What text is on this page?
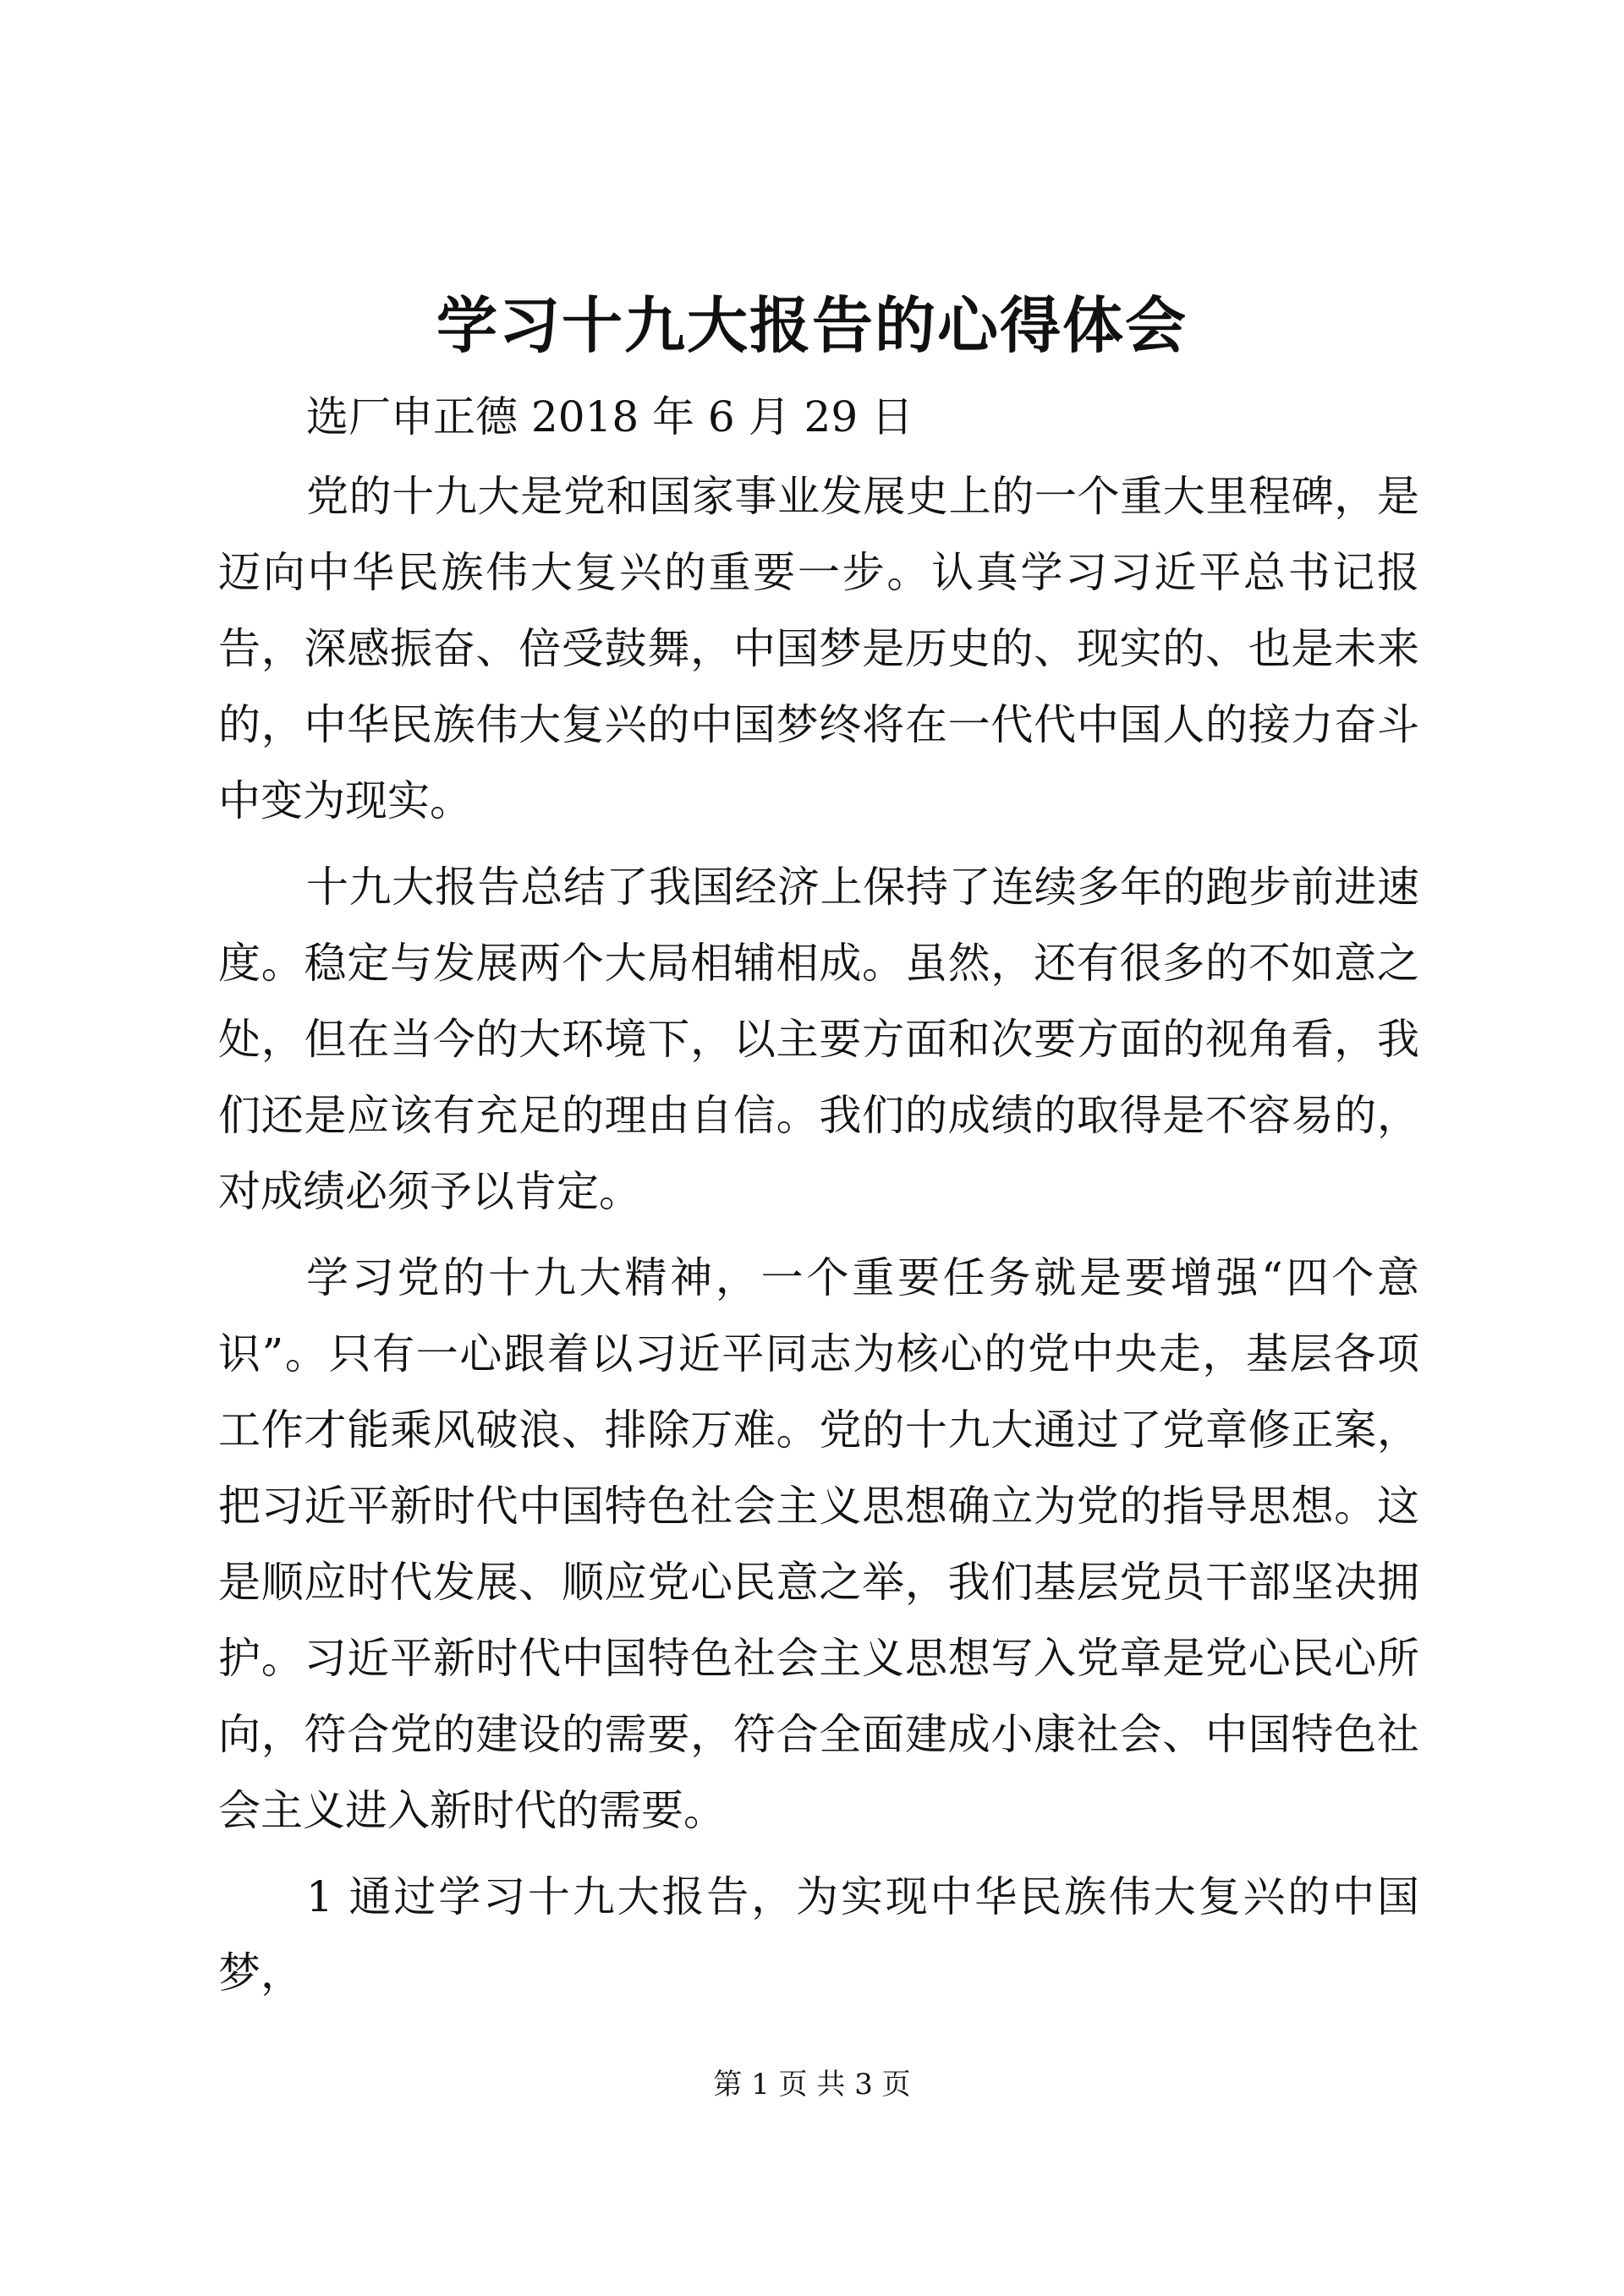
学习十九大报告的心得体会

选厂申正德 2018 年 6 月 29 日

党的十九大是党和国家事业发展史上的一个重大里程碑，是迈向中华民族伟大复兴的重要一步。认真学习习近平总书记报告，深感振奋、倍受鼓舞，中国梦是历史的、现实的、也是未来的，中华民族伟大复兴的中国梦终将在一代代中国人的接力奋斗中变为现实。

十九大报告总结了我国经济上保持了连续多年的跑步前进速度。稳定与发展两个大局相辅相成。虽然，还有很多的不如意之处，但在当今的大环境下，以主要方面和次要方面的视角看，我们还是应该有充足的理由自信。我们的成绩的取得是不容易的，对成绩必须予以肯定。

学习党的十九大精神，一个重要任务就是要增强“四个意识”。只有一心跟着以习近平同志为核心的党中央走，基层各项工作才能乘风破浪、排除万难。党的十九大通过了党章修正案，把习近平新时代中国特色社会主义思想确立为党的指导思想。这是顺应时代发展、顺应党心民意之举，我们基层党员干部坚决拥护。习近平新时代中国特色社会主义思想写入党章是党心民心所向，符合党的建设的需要，符合全面建成小康社会、中国特色社会主义进入新时代的需要。

1 通过学习十九大报告，为实现中华民族伟大复兴的中国梦，

第 1 页 共 3 页
